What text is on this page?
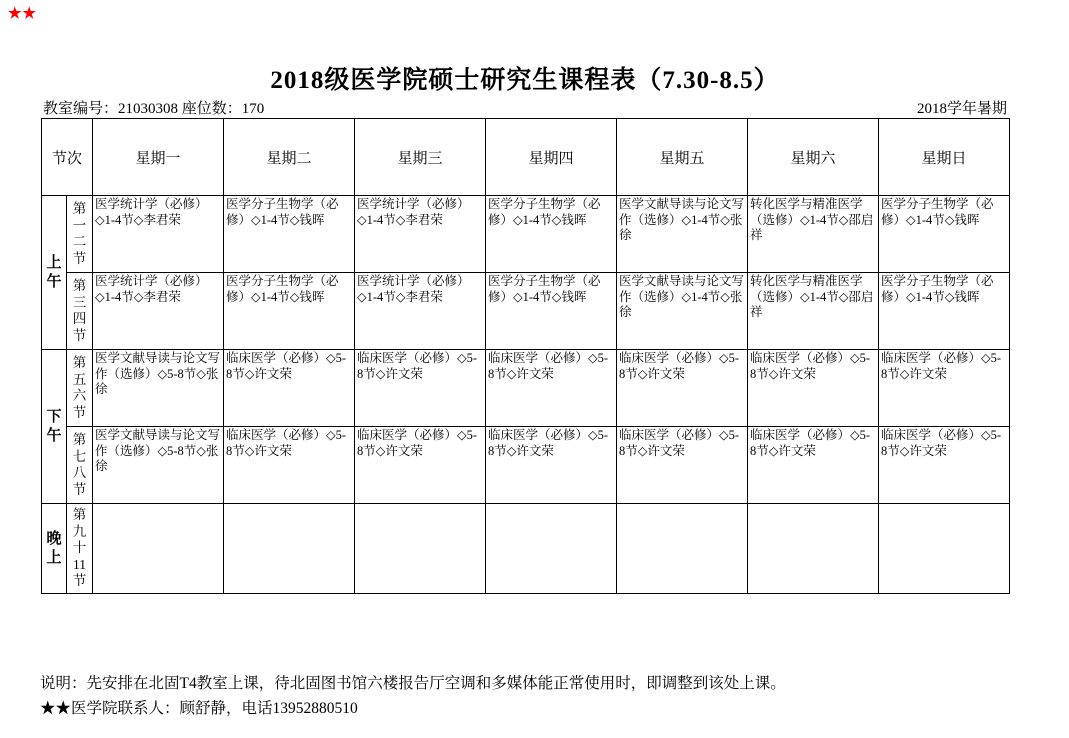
★★
2018级医学院硕士研究生课程表（7.30-8.5）
教室编号：21030308 座位数：170	2018学年暑期
节次		星期一	星期二	星期三	星期四	星期五	星期六	星期日

上午	第一二节	医学统计学（必修）◇1-4节◇李君荣	医学分子生物学（必修）◇1-4节◇钱晖	医学统计学（必修）◇1-4节◇李君荣	医学分子生物学（必修）◇1-4节◇钱晖	医学文献导读与论文写作（选修）◇1-4节◇张徐	转化医学与精准医学（选修）◇1-4节◇邵启祥	医学分子生物学（必修）◇1-4节◇钱晖

	第三四节	医学统计学（必修）◇1-4节◇李君荣	医学分子生物学（必修）◇1-4节◇钱晖	医学统计学（必修）◇1-4节◇李君荣	医学分子生物学（必修）◇1-4节◇钱晖	医学文献导读与论文写作（选修）◇1-4节◇张徐	转化医学与精准医学（选修）◇1-4节◇邵启祥	医学分子生物学（必修）◇1-4节◇钱晖

下午	第五六节	医学文献导读与论文写作（选修）◇5-8节◇张徐	临床医学（必修）◇5-8节◇许文荣	临床医学（必修）◇5-8节◇许文荣	临床医学（必修）◇5-8节◇许文荣	临床医学（必修）◇5-8节◇许文荣	临床医学（必修）◇5-8节◇许文荣	临床医学（必修）◇5-8节◇许文荣

	第七八节	医学文献导读与论文写作（选修）◇5-8节◇张徐	临床医学（必修）◇5-8节◇许文荣	临床医学（必修）◇5-8节◇许文荣	临床医学（必修）◇5-8节◇许文荣	临床医学（必修）◇5-8节◇许文荣	临床医学（必修）◇5-8节◇许文荣	临床医学（必修）◇5-8节◇许文荣

晚上	第九十11节							

说明：先安排在北固T4教室上课，待北固图书馆六楼报告厅空调和多媒体能正常使用时，即调整到该处上课。
★★医学院联系人：顾舒静，电话13952880510
